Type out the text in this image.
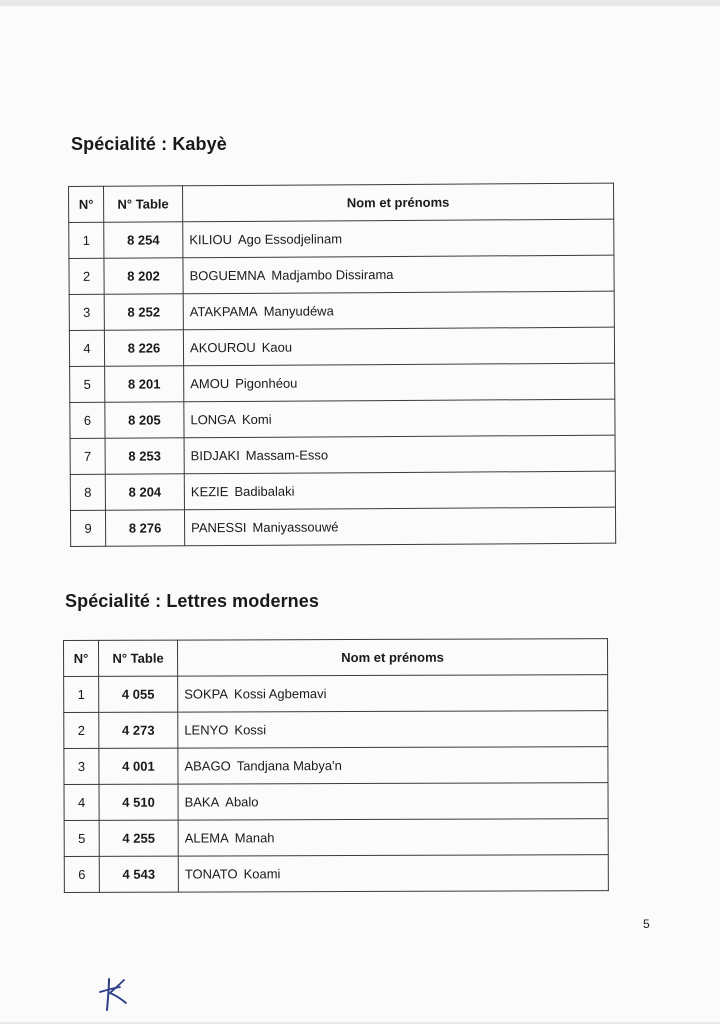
Spécialité : Kabyè
N°	N° Table	Nom et prénoms
1	8 254	KILIOU Ago Essodjelinam
2	8 202	BOGUEMNA Madjambo Dissirama
3	8 252	ATAKPAMA Manyudéwa
4	8 226	AKOUROU Kaou
5	8 201	AMOU Pigonhéou
6	8 205	LONGA Komi
7	8 253	BIDJAKI Massam-Esso
8	8 204	KEZIE Badibalaki
9	8 276	PANESSI Maniyassouwé
Spécialité : Lettres modernes
N°	N° Table	Nom et prénoms
1	4 055	SOKPA Kossi Agbemavi
2	4 273	LENYO Kossi
3	4 001	ABAGO Tandjana Mabya'n
4	4 510	BAKA Abalo
5	4 255	ALEMA Manah
6	4 543	TONATO Koami
5
